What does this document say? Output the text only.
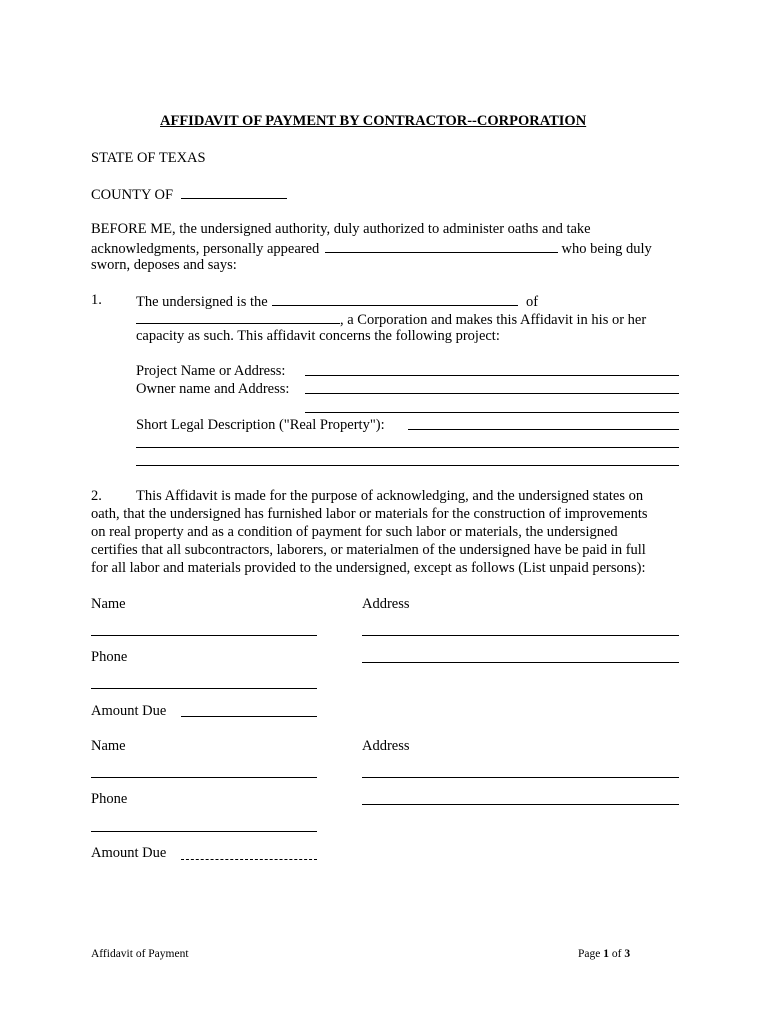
AFFIDAVIT OF PAYMENT BY CONTRACTOR--CORPORATION
STATE OF TEXAS
COUNTY OF
BEFORE ME, the undersigned authority, duly authorized to administer oaths and take
acknowledgments, personally appeared	who being duly
sworn, deposes and says:
1. The undersigned is the	of
, a Corporation and makes this Affidavit in his or her
capacity as such. This affidavit concerns the following project:
Project Name or Address:
Owner name and Address:
Short Legal Description ("Real Property"):
2. This Affidavit is made for the purpose of acknowledging, and the undersigned states on
oath, that the undersigned has furnished labor or materials for the construction of improvements
on real property and as a condition of payment for such labor or materials, the undersigned
certifies that all subcontractors, laborers, or materialmen of the undersigned have be paid in full
for all labor and materials provided to the undersigned, except as follows (List unpaid persons):
Name	Address
Phone
Amount Due
Name	Address
Phone
Amount Due
Affidavit of Payment	Page 1 of 3
